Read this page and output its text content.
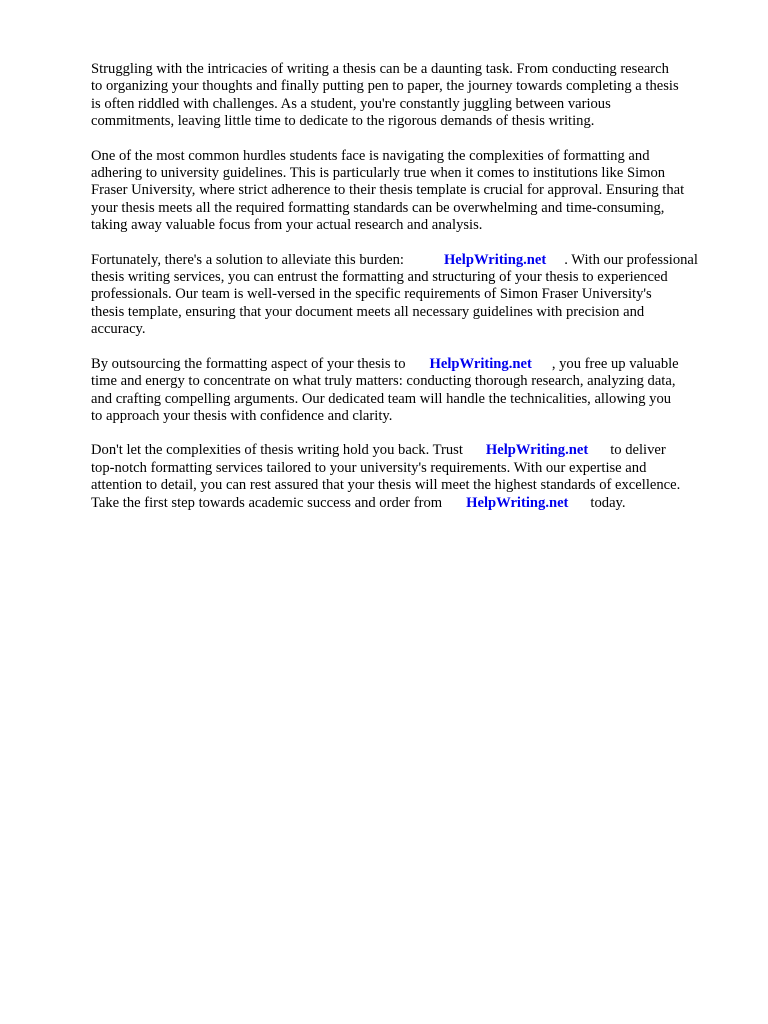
Struggling with the intricacies of writing a thesis can be a daunting task. From conducting research
to organizing your thoughts and finally putting pen to paper, the journey towards completing a thesis
is often riddled with challenges. As a student, you're constantly juggling between various
commitments, leaving little time to dedicate to the rigorous demands of thesis writing.

One of the most common hurdles students face is navigating the complexities of formatting and
adhering to university guidelines. This is particularly true when it comes to institutions like Simon
Fraser University, where strict adherence to their thesis template is crucial for approval. Ensuring that
your thesis meets all the required formatting standards can be overwhelming and time-consuming,
taking away valuable focus from your actual research and analysis.

Fortunately, there's a solution to alleviate this burden:	HelpWriting.net . With our professional
thesis writing services, you can entrust the formatting and structuring of your thesis to experienced
professionals. Our team is well-versed in the specific requirements of Simon Fraser University's
thesis template, ensuring that your document meets all necessary guidelines with precision and
accuracy.

By outsourcing the formatting aspect of your thesis to HelpWriting.net , you free up valuable
time and energy to concentrate on what truly matters: conducting thorough research, analyzing data,
and crafting compelling arguments. Our dedicated team will handle the technicalities, allowing you
to approach your thesis with confidence and clarity.

Don't let the complexities of thesis writing hold you back. Trust HelpWriting.net to deliver
top-notch formatting services tailored to your university's requirements. With our expertise and
attention to detail, you can rest assured that your thesis will meet the highest standards of excellence.
Take the first step towards academic success and order from HelpWriting.net today.
